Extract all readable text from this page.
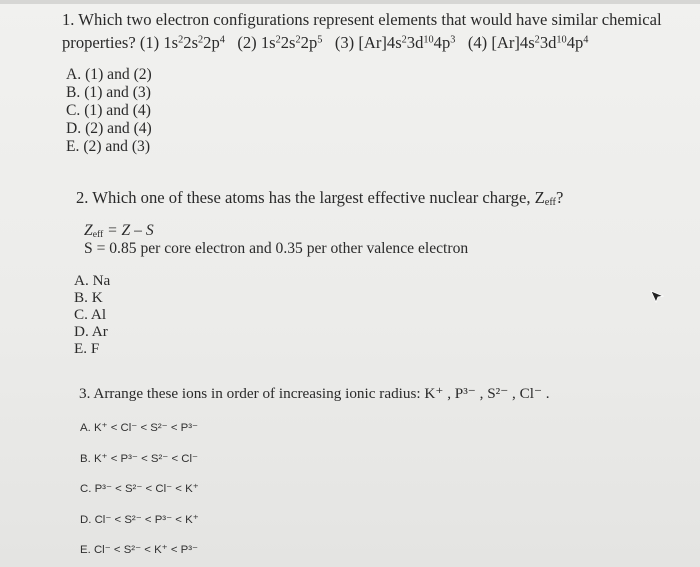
1. Which two electron configurations represent elements that would have similar chemical
properties? (1) $1s^22s^22p^4$   (2) $1s^22s^22p^5$   (3) $[Ar]4s^23d^{10}4p^3$   (4) $[Ar]4s^23d^{10}4p^4$
A. (1) and (2)
B. (1) and (3)
C. (1) and (4)
D. (2) and (4)
E. (2) and (3)
2. Which one of these atoms has the largest effective nuclear charge, $Z_{eff}$?
$Z_{eff} = Z - S$
S = 0.85 per core electron and 0.35 per other valence electron
A. Na
B. K
C. Al
D. Ar
E. F
3. Arrange these ions in order of increasing ionic radius: K⁺ , P³⁻ , S²⁻ , Cl⁻ .
A. K⁺ < Cl⁻ < S²⁻ < P³⁻
B. K⁺ < P³⁻ < S²⁻ < Cl⁻
C. P³⁻ < S²⁻ < Cl⁻ < K⁺
D. Cl⁻ < S²⁻ < P³⁻ < K⁺
E. Cl⁻ < S²⁻ < K⁺ < P³⁻
